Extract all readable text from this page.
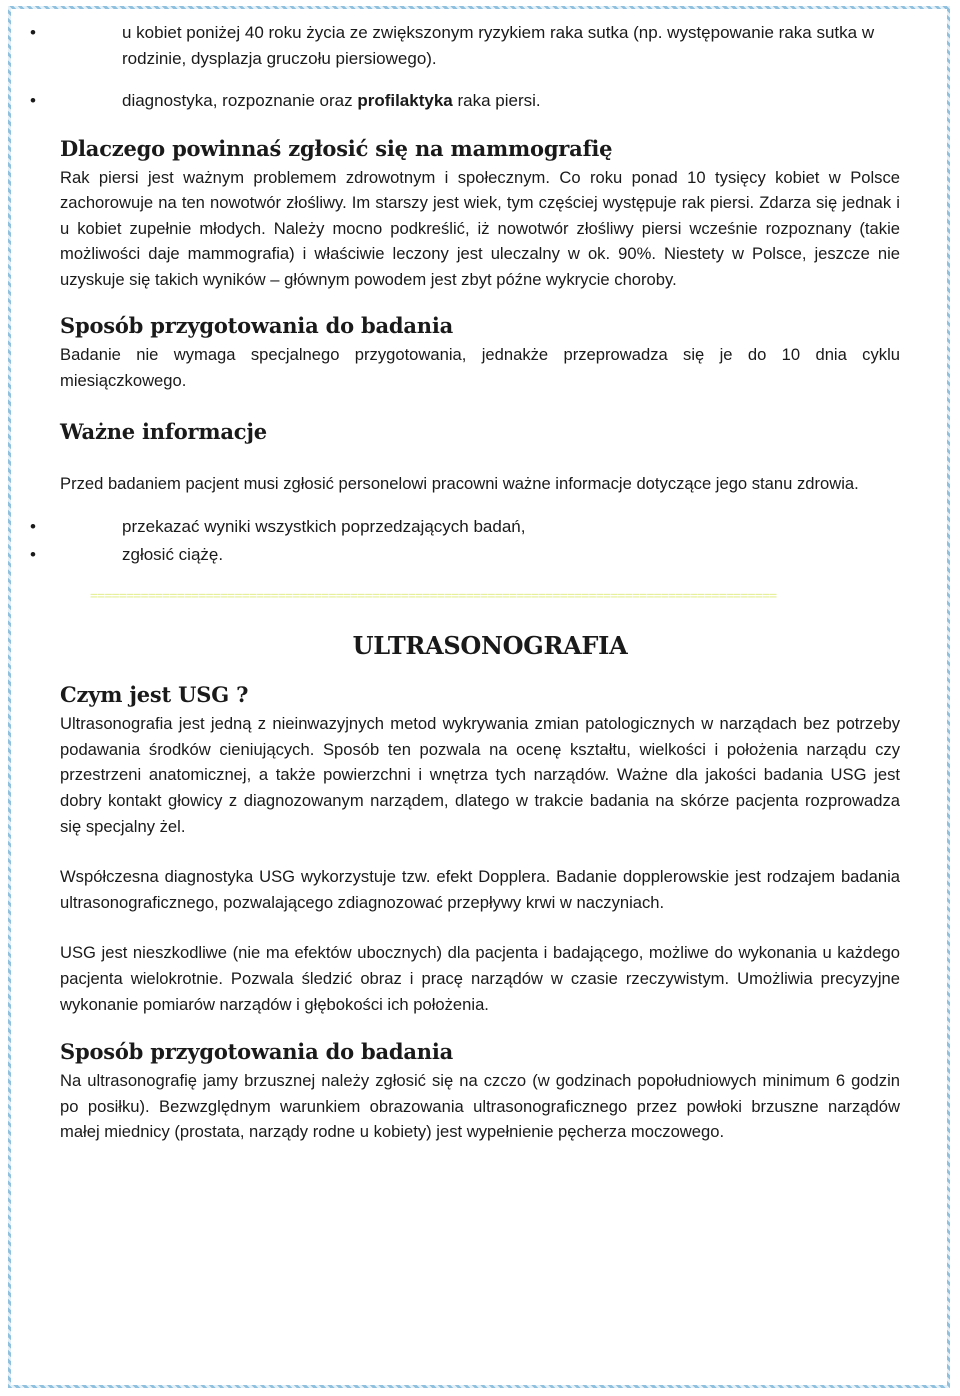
• u kobiet poniżej 40 roku życia ze zwiększonym ryzykiem raka sutka (np. występowanie raka sutka w rodzinie, dysplazja gruczołu piersiowego).
• diagnostyka, rozpoznanie oraz profilaktyka raka piersi.
Dlaczego powinnaś zgłosić się na mammografię

Rak piersi jest ważnym problemem zdrowotnym i społecznym. Co roku ponad 10 tysięcy kobiet w Polsce zachorowuje na ten nowotwór złośliwy. Im starszy jest wiek, tym częściej występuje rak piersi. Zdarza się jednak i u kobiet zupełnie młodych. Należy mocno podkreślić, iż nowotwór złośliwy piersi wcześnie rozpoznany (takie możliwości daje mammografia) i właściwie leczony jest uleczalny w ok. 90%. Niestety w Polsce, jeszcze nie uzyskuje się takich wyników – głównym powodem jest zbyt późne wykrycie choroby.

Sposób przygotowania do badania

Badanie nie wymaga specjalnego przygotowania, jednakże przeprowadza się je do 10 dnia cyklu miesiączkowego.

Ważne informacje

Przed badaniem pacjent musi zgłosić personelowi pracowni ważne informacje dotyczące jego stanu zdrowia.

• przekazać wyniki wszystkich poprzedzających badań,
• zgłosić ciążę.
===============================================================================================
ULTRASONOGRAFIA
Czym jest USG ?

Ultrasonografia jest jedną z nieinwazyjnych metod wykrywania zmian patologicznych w narządach bez potrzeby podawania środków cieniujących. Sposób ten pozwala na ocenę kształtu, wielkości i położenia narządu czy przestrzeni anatomicznej, a także powierzchni i wnętrza tych narządów. Ważne dla jakości badania USG jest dobry kontakt głowicy z diagnozowanym narządem, dlatego w trakcie badania na skórze pacjenta rozprowadza się specjalny żel.

Współczesna diagnostyka USG wykorzystuje tzw. efekt Dopplera. Badanie dopplerowskie jest rodzajem badania ultrasonograficznego, pozwalającego zdiagnozować przepływy krwi w naczyniach.

USG jest nieszkodliwe (nie ma efektów ubocznych) dla pacjenta i badającego, możliwe do wykonania u każdego pacjenta wielokrotnie. Pozwala śledzić obraz i pracę narządów w czasie rzeczywistym. Umożliwia precyzyjne wykonanie pomiarów narządów i głębokości ich położenia.

Sposób przygotowania do badania

Na ultrasonografię jamy brzusznej należy zgłosić się na czczo (w godzinach popołudniowych minimum 6 godzin po posiłku). Bezwzględnym warunkiem obrazowania ultrasonograficznego przez powłoki brzuszne narządów małej miednicy (prostata, narządy rodne u kobiety) jest wypełnienie pęcherza moczowego.
